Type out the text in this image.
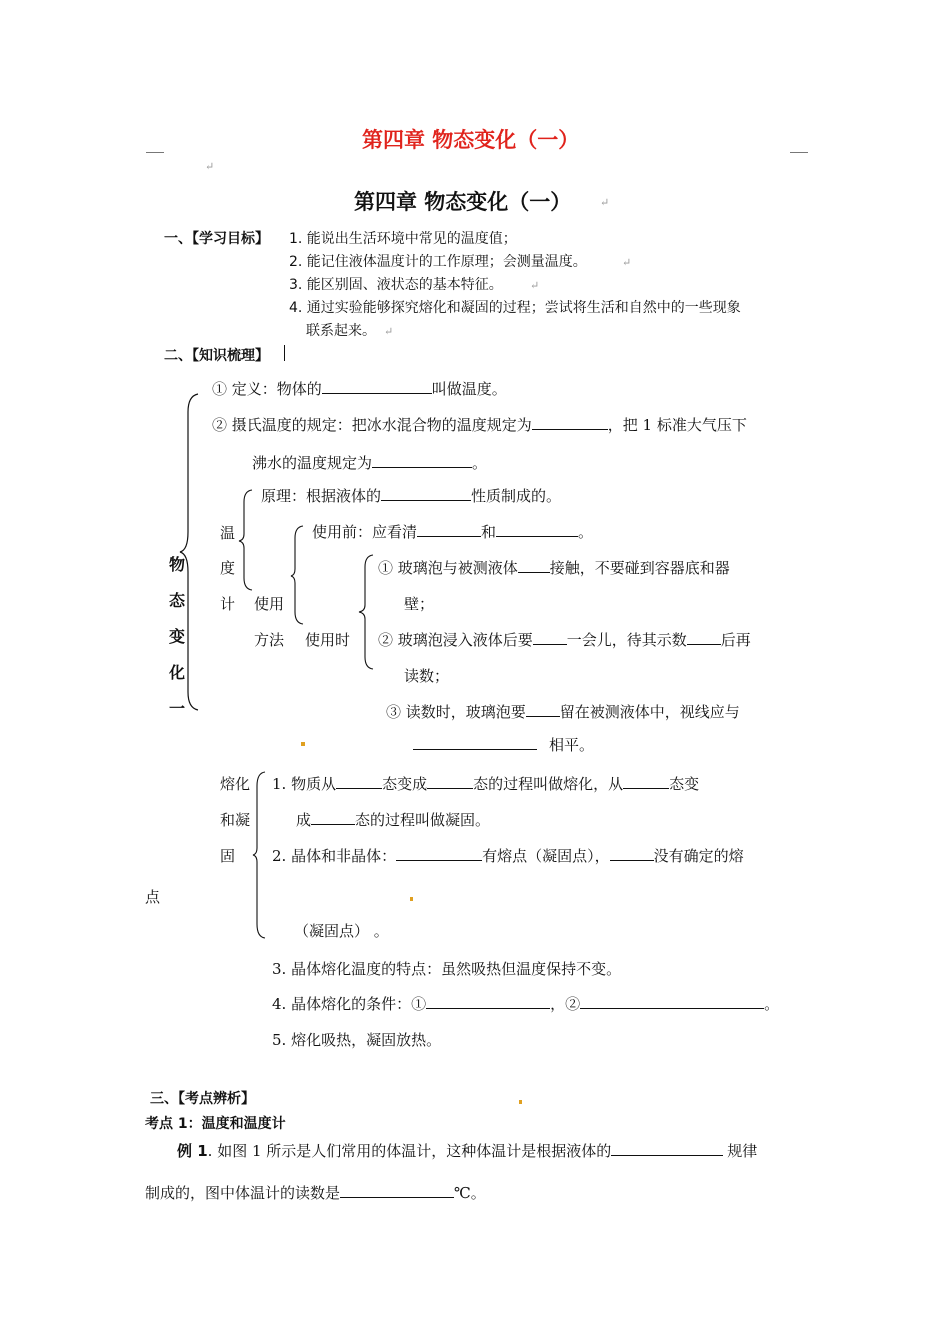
第四章 物态变化（一）
↵
第四章 物态变化（一）	↵
一、【学习目标】 1. 能说出生活环境中常见的温度值；
2. 能记住液体温度计的工作原理；会测量温度。	↵
3. 能区别固、液状态的基本特征。 ↵
4. 通过实验能够探究熔化和凝固的过程；尝试将生活和自然中的一些现象
联系起来。 ↵
二、【知识梳理】
物
态
变
化
一
① 定义：物体的	叫做温度。
② 摄氏温度的规定：把冰水混合物的温度规定为	，把 1 标准大气压下
沸水的温度规定为	。
温
度
计
原理：根据液体的	性质制成的。
使用
方法
使用前：应看清	和	。
使用时
① 玻璃泡与被测液体 接触，不要碰到容器底和器
壁；
② 玻璃泡浸入液体后要 一会儿，待其示数 后再
读数；
③ 读数时，玻璃泡要 留在被测液体中，视线应与
相平。
熔化
和凝
固
1. 物质从	态变成	态的过程叫做熔化，从	态变
成	态的过程叫做凝固。
2. 晶体和非晶体：	有熔点（凝固点），	没有确定的熔
点
（凝固点） 。
3. 晶体熔化温度的特点：虽然吸热但温度保持不变。
4. 晶体熔化的条件：①	，②	。
5. 熔化吸热，凝固放热。
三、【考点辨析】
考点 1：温度和温度计
例 1. 如图 1 所示是人们常用的体温计，这种体温计是根据液体的	规律
制成的，图中体温计的读数是	℃。
